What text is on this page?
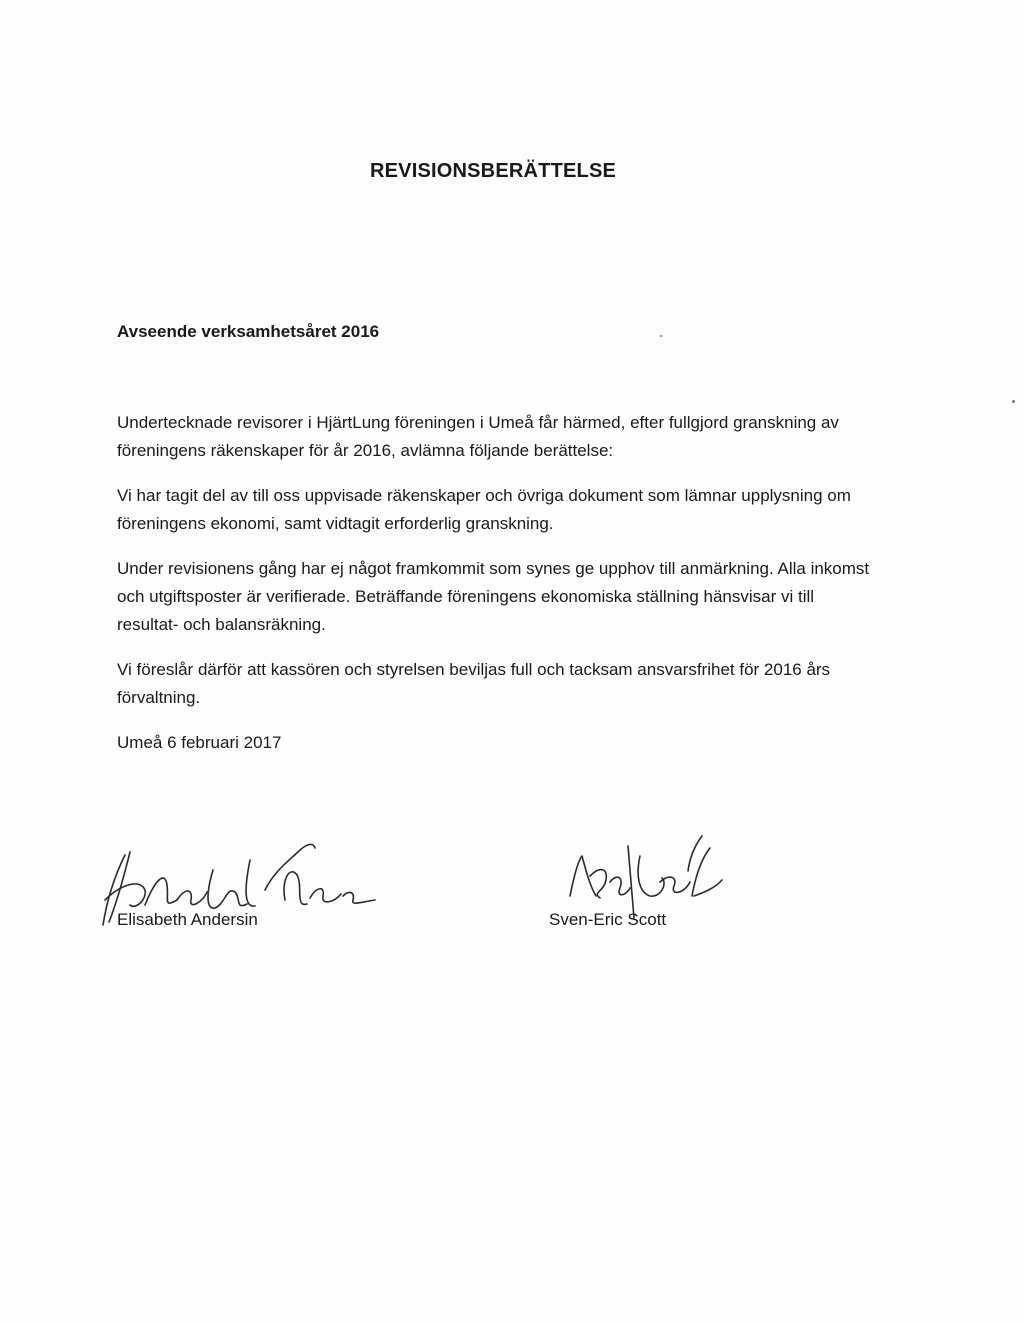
REVISIONSBERÄTTELSE
Avseende verksamhetsåret 2016
Undertecknade revisorer i HjärtLung föreningen i Umeå får härmed, efter fullgjord granskning av föreningens räkenskaper för år 2016, avlämna följande berättelse:
Vi har tagit del av till oss uppvisade räkenskaper och övriga dokument som lämnar upplysning om föreningens ekonomi, samt vidtagit erforderlig granskning.
Under revisionens gång har ej något framkommit som synes ge upphov till anmärkning. Alla inkomst och utgiftsposter är verifierade. Beträffande föreningens ekonomiska ställning hänsvisar vi till resultat- och balansräkning.
Vi föreslår därför att kassören och styrelsen beviljas full och tacksam ansvarsfrihet för 2016 års förvaltning.
Umeå 6 februari 2017
Elisabeth Andersin	Sven-Eric Scott
